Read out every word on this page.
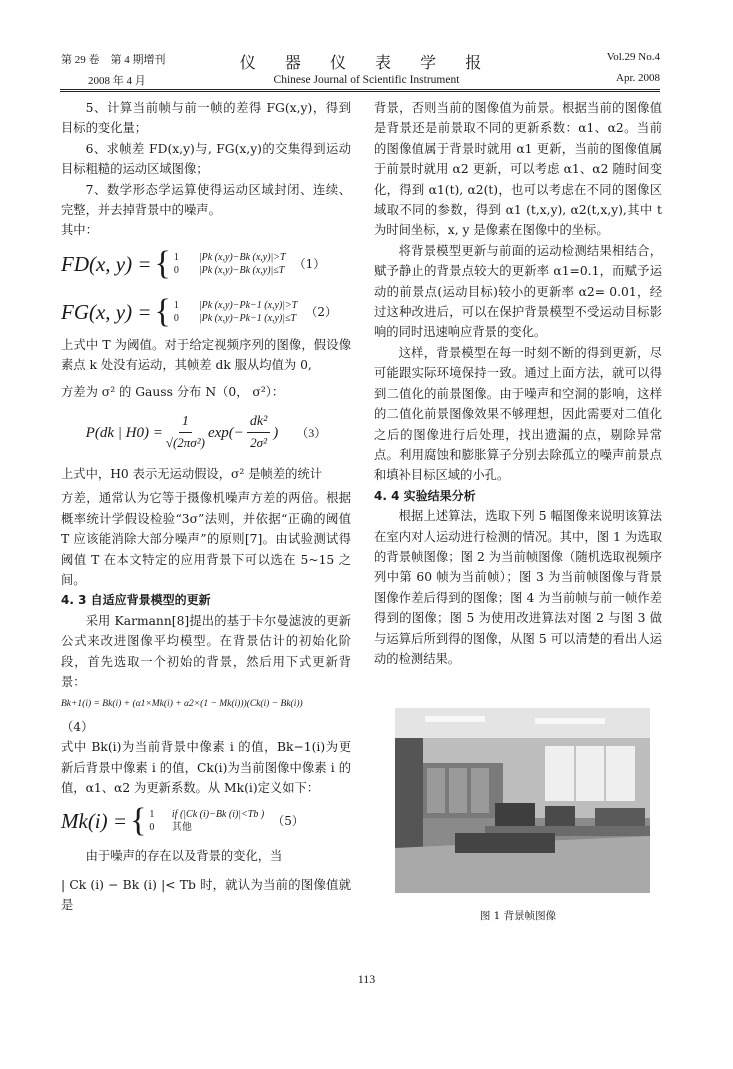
第 29 卷　第 4 期增刊
2008 年 4 月
仪 器 仪 表 学 报
Chinese Journal of Scientific Instrument
Vol.29 No.4
Apr. 2008

5、计算当前帧与前一帧的差得 FG(x,y)，得到目标的变化量；

6、求帧差 FD(x,y)与, FG(x,y)的交集得到运动目标粗糙的运动区域图像；

7、数学形态学运算使得运动区域封闭、连续、完整，并去掉背景中的噪声。

其中：

FD(x, y) = { 1 |Pk (x,y)−Bk (x,y)|>T
0 |Pk (x,y)−Bk (x,y)|≤T （1）
FG(x, y) = { 1 |Pk (x,y)−Pk−1 (x,y)|>T
0 |Pk (x,y)−Pk−1 (x,y)|≤T （2）

上式中 T 为阈值。对于给定视频序列的图像，假设像素点 k 处没有运动，其帧差 dk 服从均值为 0,

方差为 σ² 的 Gauss 分布 N（0， σ²）：

P(dk | $H0) = \frac{1}{\text{√(2πσ²)}} \exp(- \frac{\text{dk²}}{\text{2σ²}}$ ) （3）

上式中，H0 表示无运动假设，σ² 是帧差的统计

方差，通常认为它等于摄像机噪声方差的两倍。根据概率统计学假设检验“3σ”法则，并依据“正确的阈值 T 应该能消除大部分噪声”的原则[7]。由试验测试得阈值 T 在本文特定的应用背景下可以选在 5~15 之间。

4. 3 自适应背景模型的更新

采用 Karmann[8]提出的基于卡尔曼滤波的更新公式来改进图像平均模型。在背景估计的初始化阶段，首先选取一个初始的背景，然后用下式更新背景：

Bk+1(i) = Bk(i) + (α1×Mk(i) + α2×(1 − Mk(i)))(Ck(i) − Bk(i))

（4）

式中 Bk(i)为当前背景中像素 i 的值，Bk−1(i)为更新后背景中像素 i 的值，Ck(i)为当前图像中像素 i 的值，α1、α2 为更新系数。从 Mk(i)定义如下：

Mk(i) = { 1 if (|Ck (i)−Bk (i)|<Tb )
0 其他	（5）

由于噪声的存在以及背景的变化，当

| Ck (i) − Bk (i) |< Tb 时，就认为当前的图像值就是

背景，否则当前的图像值为前景。根据当前的图像值是背景还是前景取不同的更新系数：α1、α2。当前的图像值属于背景时就用 α1 更新，当前的图像值属于前景时就用 α2 更新，可以考虑 α1、α2 随时间变化，得到 α1(t), α2(t)，也可以考虑在不同的图像区域取不同的参数，得到 α1 (t,x,y), α2(t,x,y),其中 t 为时间坐标，x, y 是像素在图像中的坐标。

将背景模型更新与前面的运动检测结果相结合，赋予静止的背景点较大的更新率 α1=0.1，而赋予运动的前景点(运动目标)较小的更新率 α2= 0.01，经过这种改进后，可以在保护背景模型不受运动目标影响的同时迅速响应背景的变化。

这样，背景模型在每一时刻不断的得到更新，尽可能跟实际环境保持一致。通过上面方法，就可以得到二值化的前景图像。由于噪声和空洞的影响，这样的二值化前景图像效果不够理想，因此需要对二值化之后的图像进行后处理，找出遗漏的点，剔除异常点。利用腐蚀和膨胀算子分别去除孤立的噪声前景点和填补目标区域的小孔。

4. 4 实验结果分析

根据上述算法，选取下列 5 幅图像来说明该算法在室内对人运动进行检测的情况。其中，图 1 为选取的背景帧图像；图 2 为当前帧图像（随机选取视频序列中第 60 帧为当前帧）；图 3 为当前帧图像与背景图像作差后得到的图像；图 4 为当前帧与前一帧作差得到的图像；图 5 为使用改进算法对图 2 与图 3 做与运算后所到得的图像，从图 5 可以清楚的看出人运动的检测结果。

图 1 背景帧图像
113
